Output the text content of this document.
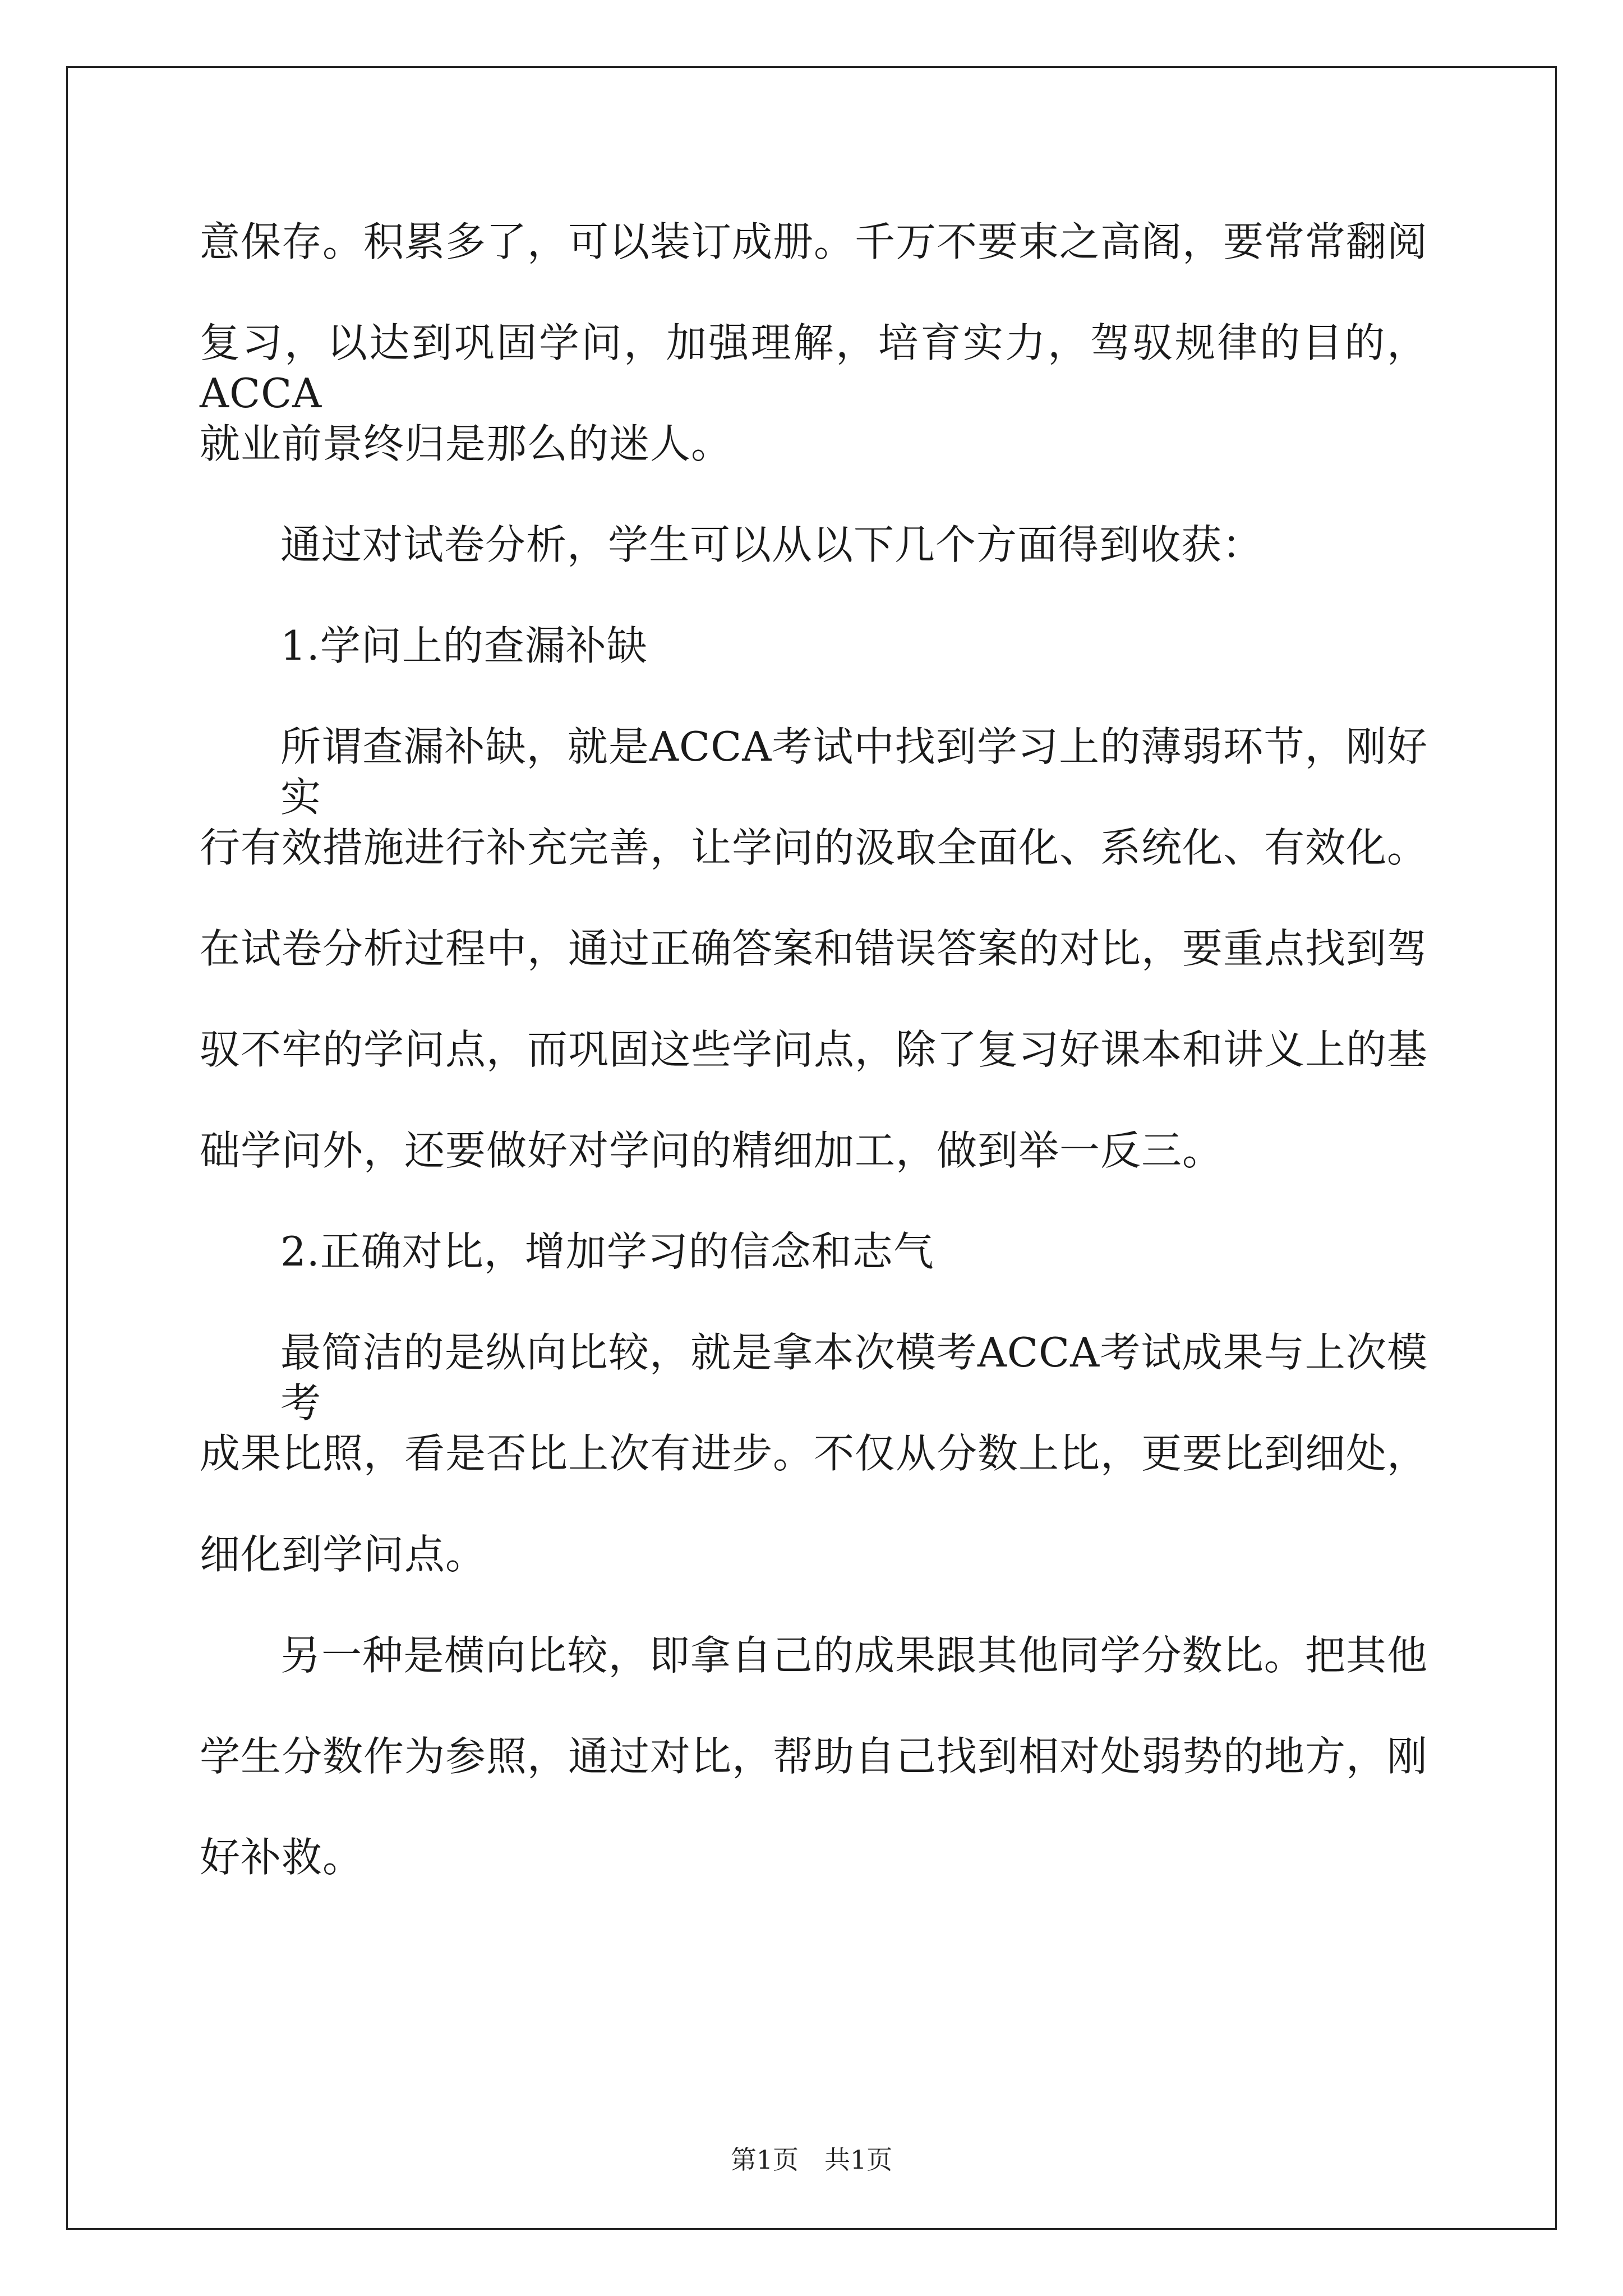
意保存。积累多了，可以装订成册。千万不要束之高阁，要常常翻阅
复习，以达到巩固学问，加强理解，培育实力，驾驭规律的目的，ACCA
就业前景终归是那么的迷人。
通过对试卷分析，学生可以从以下几个方面得到收获：
1.学问上的查漏补缺
所谓查漏补缺，就是ACCA考试中找到学习上的薄弱环节，刚好实
行有效措施进行补充完善，让学问的汲取全面化、系统化、有效化。
在试卷分析过程中，通过正确答案和错误答案的对比，要重点找到驾
驭不牢的学问点，而巩固这些学问点，除了复习好课本和讲义上的基
础学问外，还要做好对学问的精细加工，做到举一反三。
2.正确对比，增加学习的信念和志气
最简洁的是纵向比较，就是拿本次模考ACCA考试成果与上次模考
成果比照，看是否比上次有进步。不仅从分数上比，更要比到细处，
细化到学问点。
另一种是横向比较，即拿自己的成果跟其他同学分数比。把其他
学生分数作为参照，通过对比，帮助自己找到相对处弱势的地方，刚
好补救。
第1页　共1页
